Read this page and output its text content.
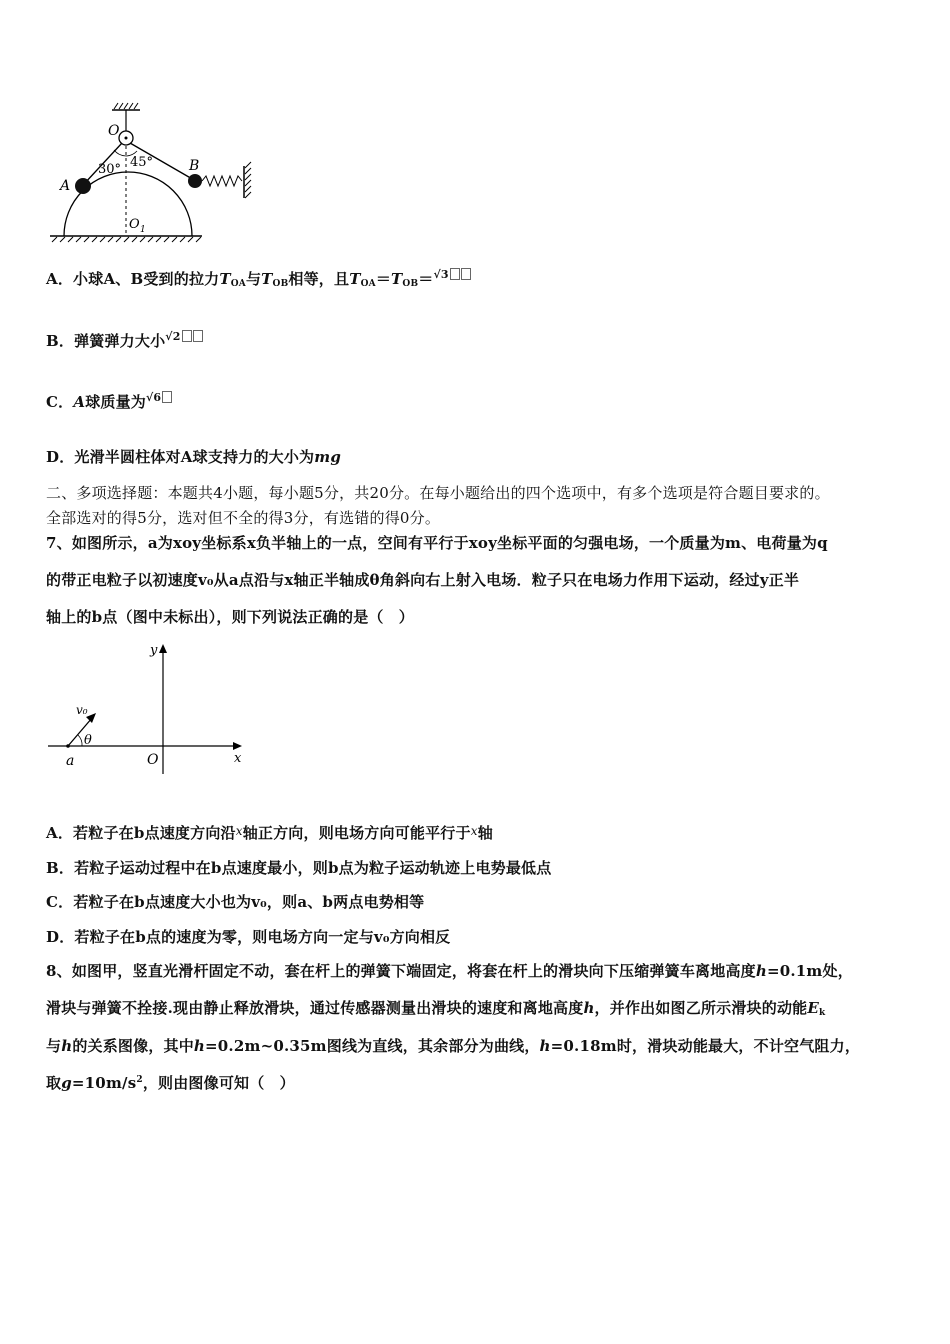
O
A
B
O 1
30° 45°
A．小球A、B受到的拉力$T_{OA}$与$T_{OB}$相等，且$T_{OA}=T_{OB}=^{√3}$
B．弹簧弹力大小$^{√2}$
C．A球质量为$^{√6}$
D．光滑半圆柱体对A球支持力的大小为mg
二、多项选择题：本题共4小题，每小题5分，共20分。在每小题给出的四个选项中，有多个选项是符合题目要求的。
全部选对的得5分，选对但不全的得3分，有选错的得0分。
7、如图所示，a为xoy坐标系x负半轴上的一点，空间有平行于xoy坐标平面的匀强电场，一个质量为m、电荷量为q
的带正电粒子以初速度v₀从a点沿与x轴正半轴成θ角斜向右上射入电场．粒子只在电场力作用下运动，经过y正半
轴上的b点（图中未标出），则下列说法正确的是（　）
y
x
O
a
v₀
θ
A．若粒子在b点速度方向沿$^x$轴正方向，则电场方向可能平行于$^x$轴
B．若粒子运动过程中在b点速度最小，则b点为粒子运动轨迹上电势最低点
C．若粒子在b点速度大小也为v₀，则a、b两点电势相等
D．若粒子在b点的速度为零，则电场方向一定与v₀方向相反
8、如图甲，竖直光滑杆固定不动，套在杆上的弹簧下端固定，将套在杆上的滑块向下压缩弹簧车离地高度h=0.1m处，
滑块与弹簧不拴接.现由静止释放滑块，通过传感器测量出滑块的速度和离地高度h，并作出如图乙所示滑块的动能$E_k$
与h的关系图像，其中h=0.2m~0.35m图线为直线，其余部分为曲线，h=0.18m时，滑块动能最大，不计空气阻力，
取$g=10m/s^2$，则由图像可知（　）
